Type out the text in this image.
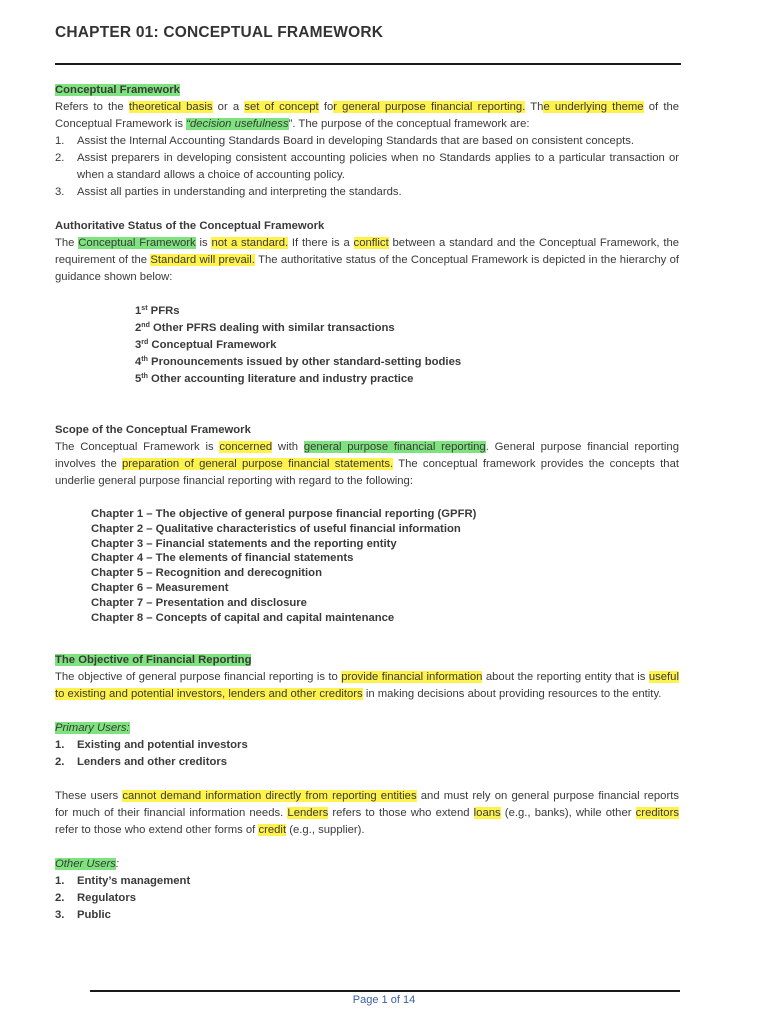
CHAPTER 01: CONCEPTUAL FRAMEWORK
Conceptual Framework

Refers to the theoretical basis or a set of concept for general purpose financial reporting. The underlying theme of the Conceptual Framework is “decision usefulness”. The purpose of the conceptual framework are:

1. Assist the Internal Accounting Standards Board in developing Standards that are based on consistent concepts.
2. Assist preparers in developing consistent accounting policies when no Standards applies to a particular transaction or when a standard allows a choice of accounting policy.
3. Assist all parties in understanding and interpreting the standards.
Authoritative Status of the Conceptual Framework

The Conceptual Framework is not a standard. If there is a conflict between a standard and the Conceptual Framework, the requirement of the Standard will prevail. The authoritative status of the Conceptual Framework is depicted in the hierarchy of guidance shown below:

1st PFRs
2nd Other PFRS dealing with similar transactions
3rd Conceptual Framework
4th Pronouncements issued by other standard-setting bodies
5th Other accounting literature and industry practice
Scope of the Conceptual Framework

The Conceptual Framework is concerned with general purpose financial reporting. General purpose financial reporting involves the preparation of general purpose financial statements. The conceptual framework provides the concepts that underlie general purpose financial reporting with regard to the following:

Chapter 1 – The objective of general purpose financial reporting (GPFR)
Chapter 2 – Qualitative characteristics of useful financial information
Chapter 3 – Financial statements and the reporting entity
Chapter 4 – The elements of financial statements
Chapter 5 – Recognition and derecognition
Chapter 6 – Measurement
Chapter 7 – Presentation and disclosure
Chapter 8 – Concepts of capital and capital maintenance
The Objective of Financial Reporting

The objective of general purpose financial reporting is to provide financial information about the reporting entity that is useful to existing and potential investors, lenders and other creditors in making decisions about providing resources to the entity.

Primary Users:
1. Existing and potential investors
2. Lenders and other creditors

These users cannot demand information directly from reporting entities and must rely on general purpose financial reports for much of their financial information needs. Lenders refers to those who extend loans (e.g., banks), while other creditors refer to those who extend other forms of credit (e.g., supplier).

Other Users:
1. Entity’s management
2. Regulators
3. Public
Page 1 of 14
